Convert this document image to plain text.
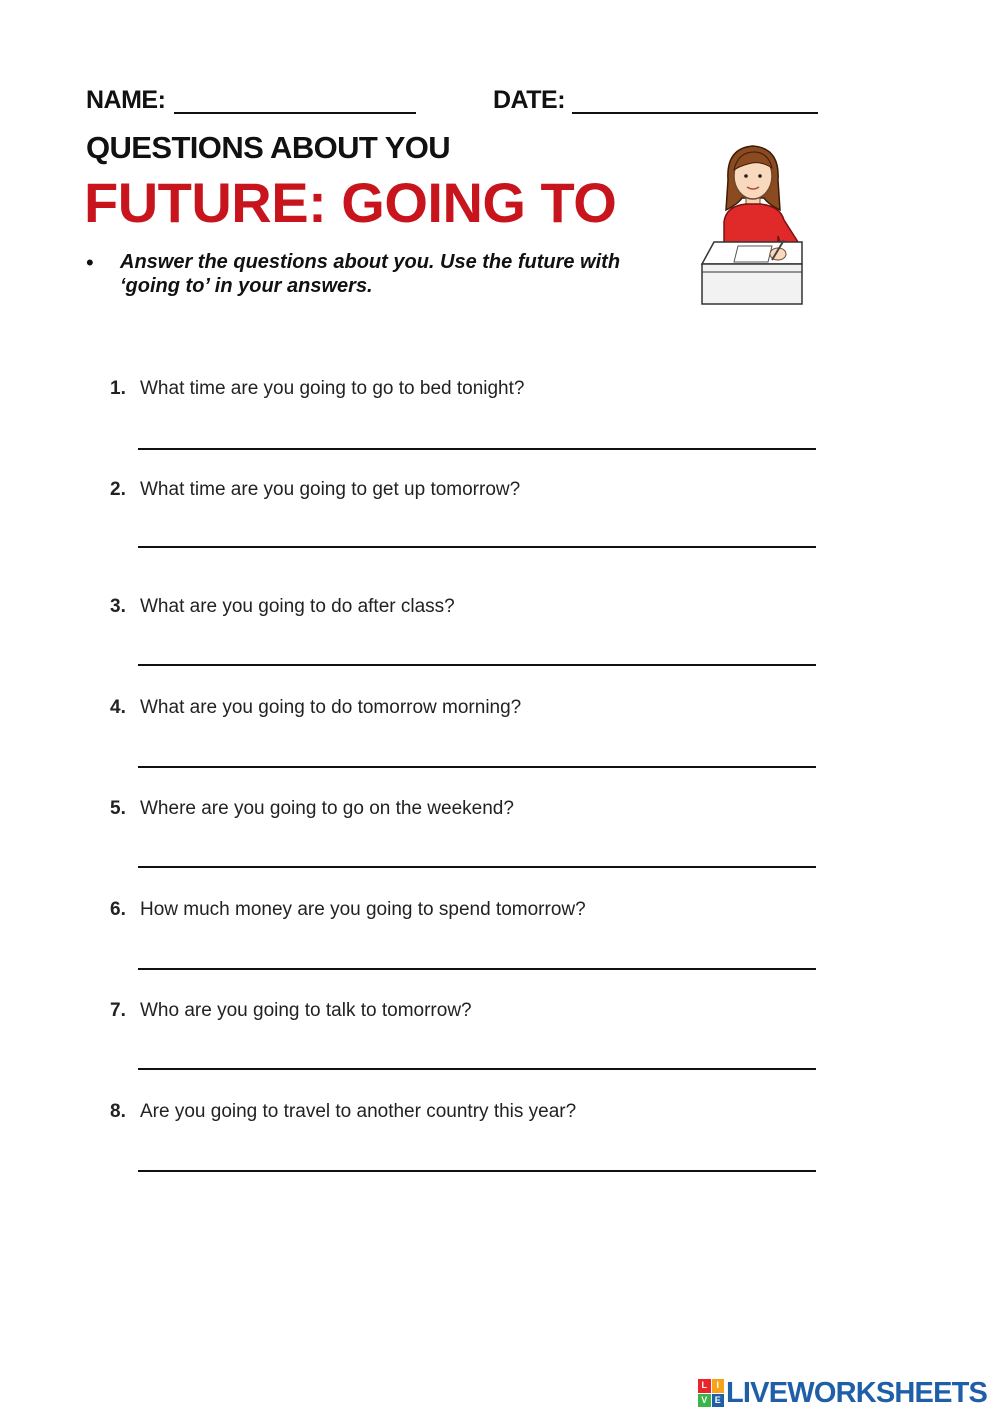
NAME:	DATE:
QUESTIONS ABOUT YOU
FUTURE: GOING TO
• Answer the questions about you. Use the future with ‘going to’ in your answers.
1. What time are you going to go to bed tonight?
2. What time are you going to get up tomorrow?
3. What are you going to do after class?
4. What are you going to do tomorrow morning?
5. Where are you going to go on the weekend?
6. How much money are you going to spend tomorrow?
7. Who are you going to talk to tomorrow?
8. Are you going to travel to another country this year?
L	I
V E LIVEWORKSHEETS
